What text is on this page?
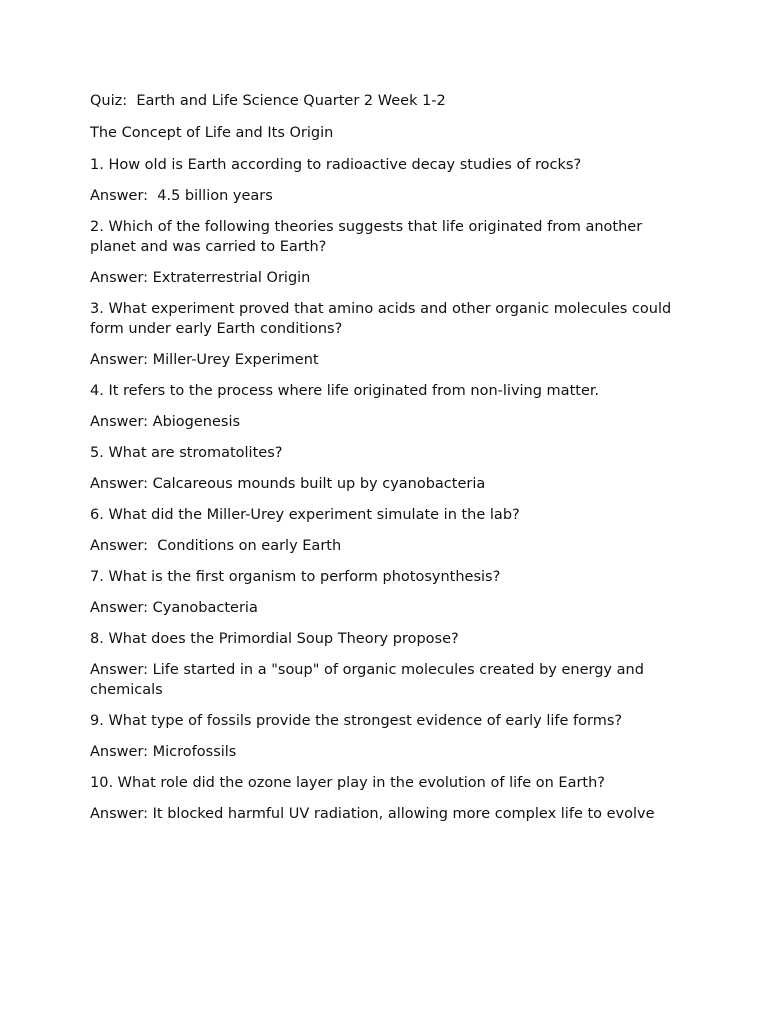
Quiz:  Earth and Life Science Quarter 2 Week 1-2
The Concept of Life and Its Origin
1. How old is Earth according to radioactive decay studies of rocks?
Answer:  4.5 billion years
2. Which of the following theories suggests that life originated from another planet and was carried to Earth?
Answer: Extraterrestrial Origin
3. What experiment proved that amino acids and other organic molecules could form under early Earth conditions?
Answer: Miller-Urey Experiment
4. It refers to the process where life originated from non-living matter.
Answer: Abiogenesis
5. What are stromatolites?
Answer: Calcareous mounds built up by cyanobacteria
6. What did the Miller-Urey experiment simulate in the lab?
Answer:  Conditions on early Earth
7. What is the first organism to perform photosynthesis?
Answer: Cyanobacteria
8. What does the Primordial Soup Theory propose?
Answer: Life started in a "soup" of organic molecules created by energy and chemicals
9. What type of fossils provide the strongest evidence of early life forms?
Answer: Microfossils
10. What role did the ozone layer play in the evolution of life on Earth?
Answer: It blocked harmful UV radiation, allowing more complex life to evolve
